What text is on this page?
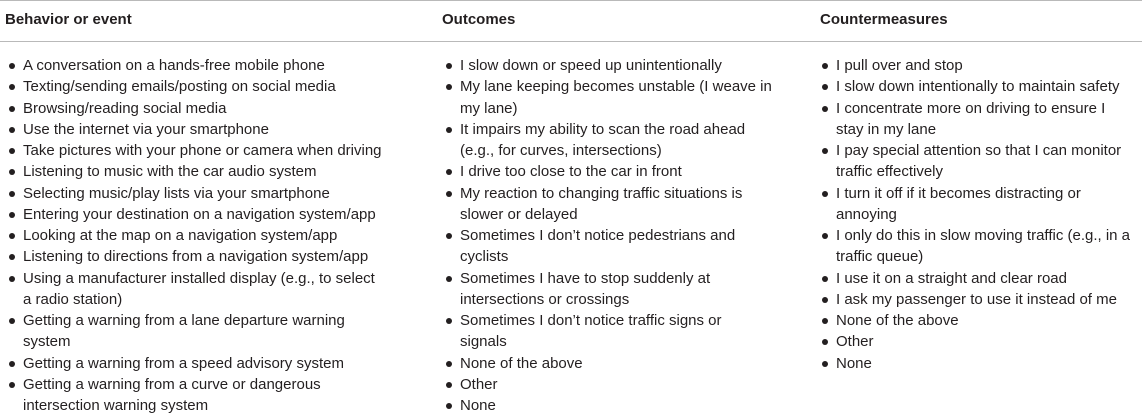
Behavior or event	Outcomes	Countermeasures
A conversation on a hands-free mobile phone
Texting/sending emails/posting on social media
Browsing/reading social media
Use the internet via your smartphone
Take pictures with your phone or camera when driving
Listening to music with the car audio system
Selecting music/play lists via your smartphone
Entering your destination on a navigation system/app
Looking at the map on a navigation system/app
Listening to directions from a navigation system/app
Using a manufacturer installed display (e.g., to select a radio station)
Getting a warning from a lane departure warning system
Getting a warning from a speed advisory system
Getting a warning from a curve or dangerous intersection warning system
I slow down or speed up unintentionally
My lane keeping becomes unstable (I weave in my lane)
It impairs my ability to scan the road ahead (e.g., for curves, intersections)
I drive too close to the car in front
My reaction to changing traffic situations is slower or delayed
Sometimes I don’t notice pedestrians and cyclists
Sometimes I have to stop suddenly at intersections or crossings
Sometimes I don’t notice traffic signs or signals
None of the above
Other
None
I pull over and stop
I slow down intentionally to maintain safety
I concentrate more on driving to ensure I stay in my lane
I pay special attention so that I can monitor traffic effectively
I turn it off if it becomes distracting or annoying
I only do this in slow moving traffic (e.g., in a traffic queue)
I use it on a straight and clear road
I ask my passenger to use it instead of me
None of the above
Other
None
